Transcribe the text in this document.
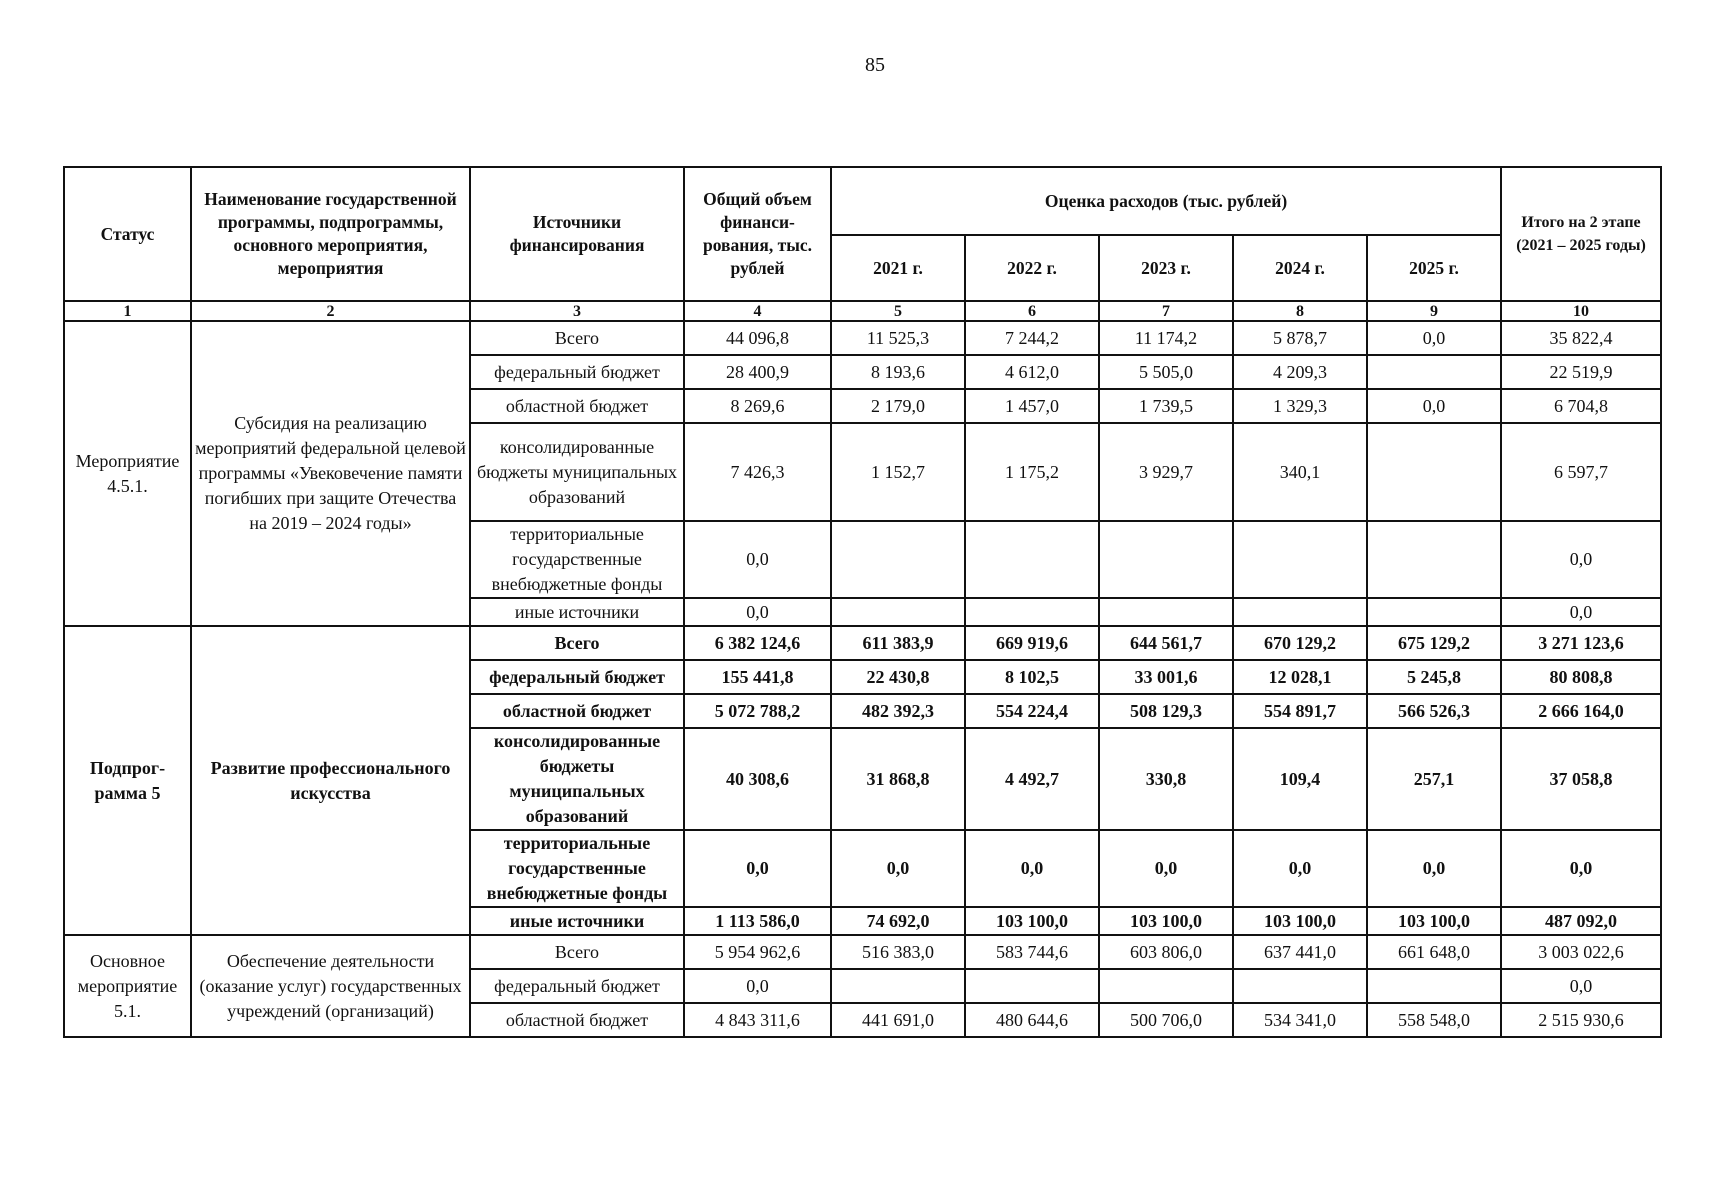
85
Статус	Наименование государственной программы, подпрограммы, основного мероприятия, мероприятия	Источники финансирования	Общий объем финанси-рования, тыс. рублей	Оценка расходов (тыс. рублей)					Итого на 2 этапе (2021 – 2025 годы)
				2021 г.	2022 г.	2023 г.	2024 г.	2025 г.	
1	2	3	4	5	6	7	8	9	10
Мероприятие 4.5.1.	Субсидия на реализацию мероприятий федеральной целевой программы «Увековечение памяти погибших при защите Отечества на 2019 – 2024 годы»	Всего	44 096,8	11 525,3	7 244,2	11 174,2	5 878,7	0,0	35 822,4
		федеральный бюджет	28 400,9	8 193,6	4 612,0	5 505,0	4 209,3		22 519,9
		областной бюджет	8 269,6	2 179,0	1 457,0	1 739,5	1 329,3	0,0	6 704,8
		консолидированные бюджеты муниципальных образований	7 426,3	1 152,7	1 175,2	3 929,7	340,1		6 597,7
		территориальные государственные внебюджетные фонды	0,0						0,0
		иные источники	0,0						0,0
Подпрог-рамма 5	Развитие профессионального искусства	Всего	6 382 124,6	611 383,9	669 919,6	644 561,7	670 129,2	675 129,2	3 271 123,6
		федеральный бюджет	155 441,8	22 430,8	8 102,5	33 001,6	12 028,1	5 245,8	80 808,8
		областной бюджет	5 072 788,2	482 392,3	554 224,4	508 129,3	554 891,7	566 526,3	2 666 164,0
		консолидированные бюджеты муниципальных образований	40 308,6	31 868,8	4 492,7	330,8	109,4	257,1	37 058,8
		территориальные государственные внебюджетные фонды	0,0	0,0	0,0	0,0	0,0	0,0	0,0
		иные источники	1 113 586,0	74 692,0	103 100,0	103 100,0	103 100,0	103 100,0	487 092,0
Основное мероприятие 5.1.	Обеспечение деятельности (оказание услуг) государственных учреждений (организаций)	Всего	5 954 962,6	516 383,0	583 744,6	603 806,0	637 441,0	661 648,0	3 003 022,6
		федеральный бюджет	0,0						0,0
		областной бюджет	4 843 311,6	441 691,0	480 644,6	500 706,0	534 341,0	558 548,0	2 515 930,6
